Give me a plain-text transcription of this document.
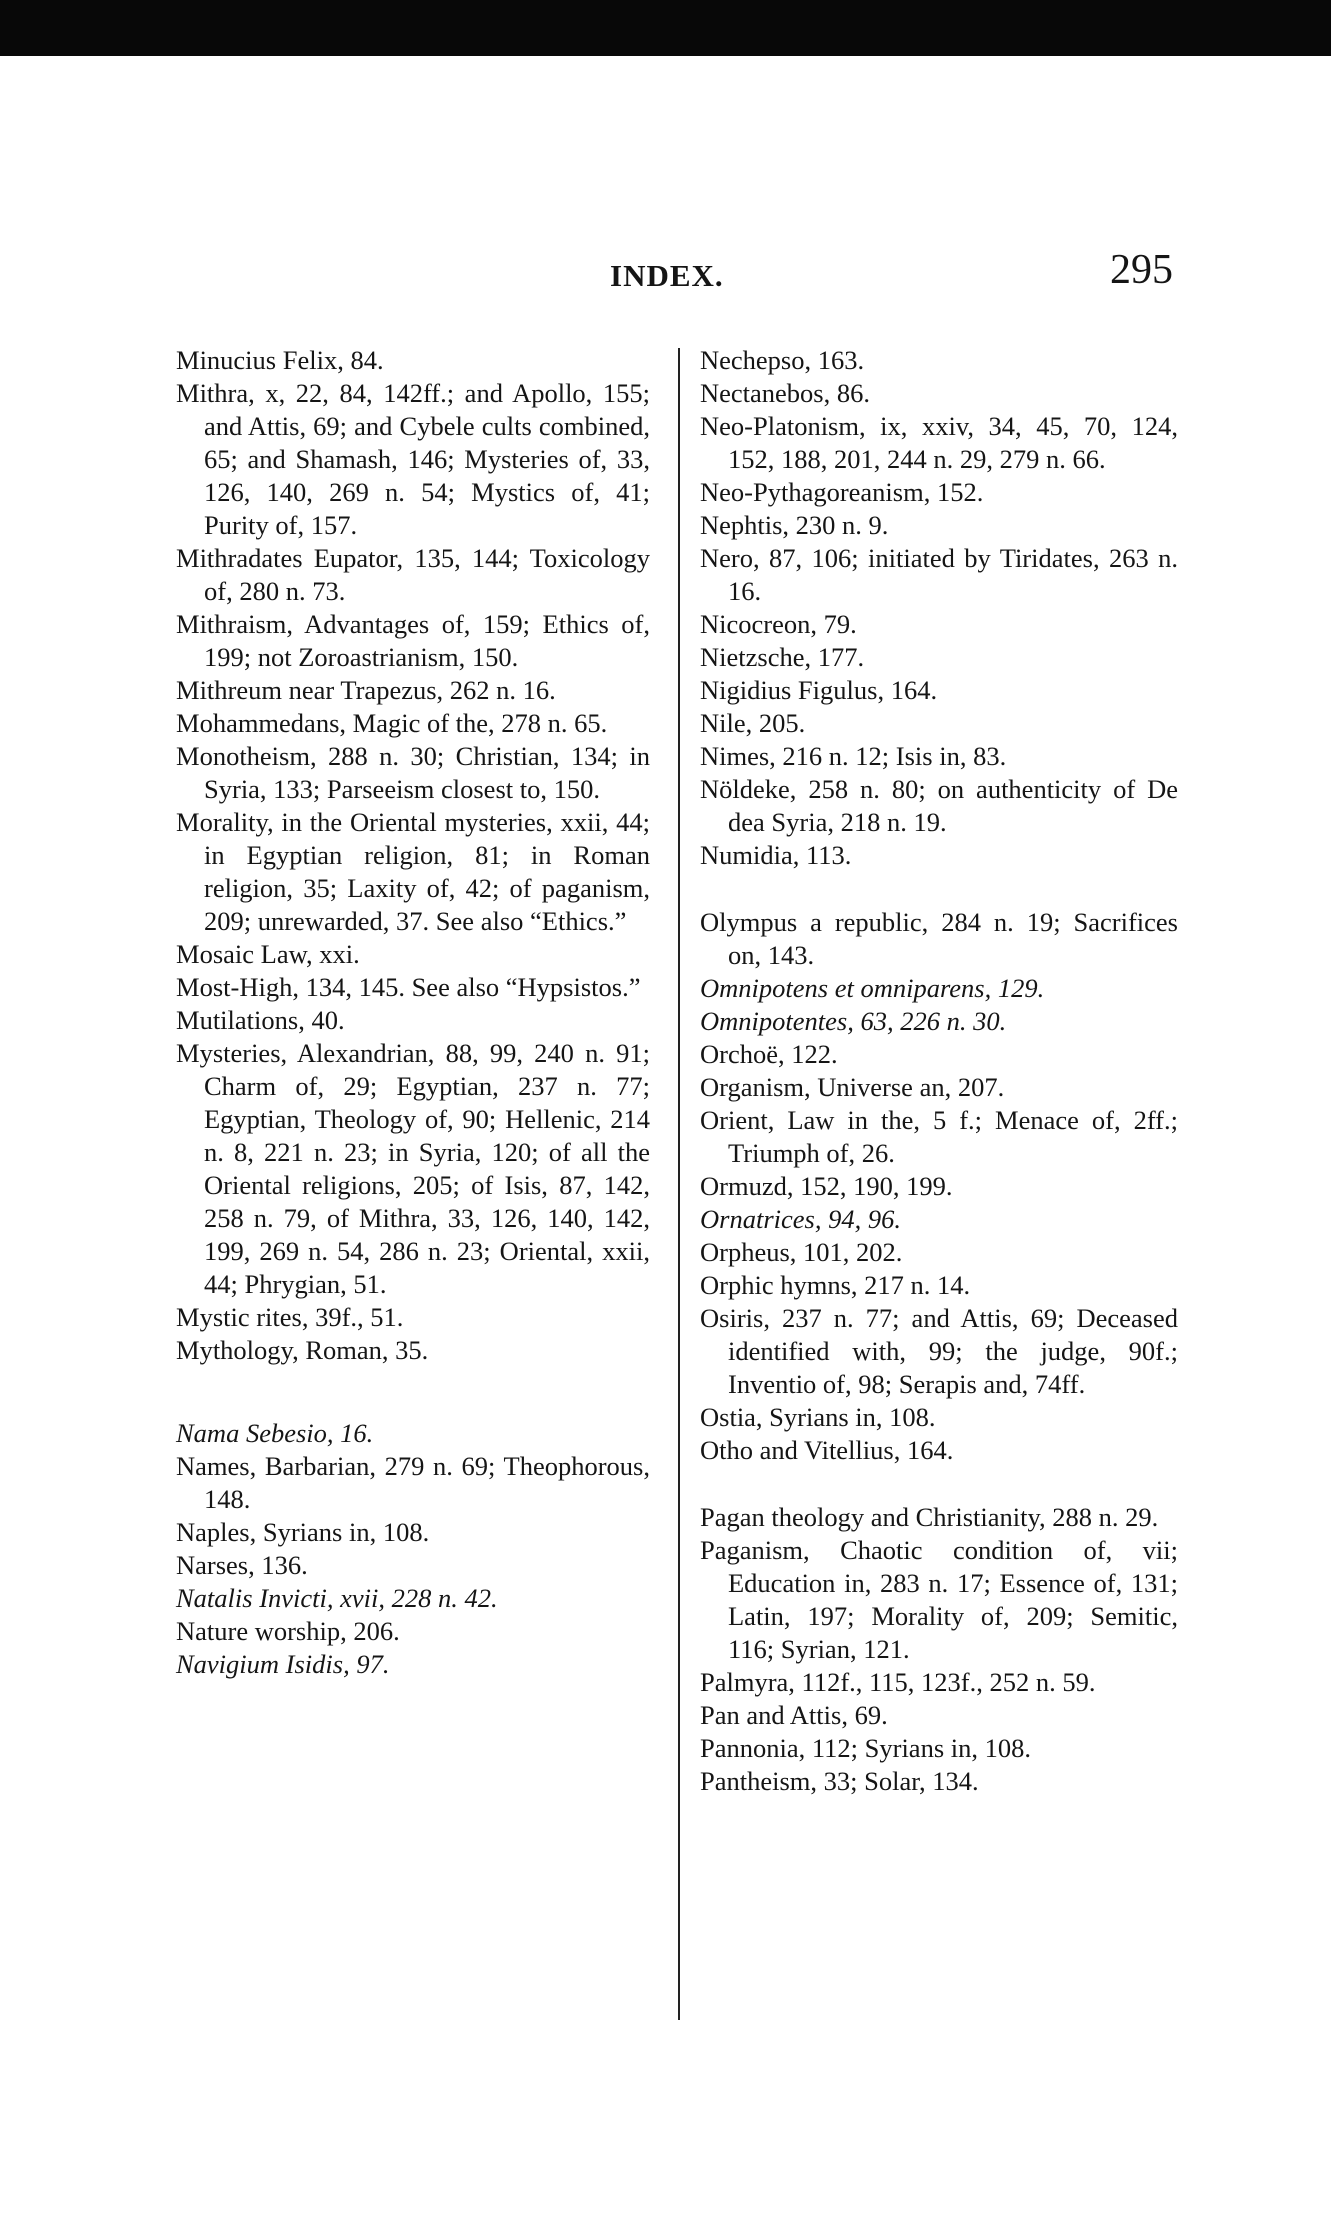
INDEX.	295
Minucius Felix, 84.
Mithra, x, 22, 84, 142ff.; and Apollo, 155; and Attis, 69; and Cybele cults combined, 65; and Shamash, 146; Mysteries of, 33, 126, 140, 269 n. 54; Mystics of, 41; Purity of, 157.
Mithradates Eupator, 135, 144; Toxicology of, 280 n. 73.
Mithraism, Advantages of, 159; Ethics of, 199; not Zoroastrianism, 150.
Mithreum near Trapezus, 262 n. 16.
Mohammedans, Magic of the, 278 n. 65.
Monotheism, 288 n. 30; Christian, 134; in Syria, 133; Parseeism closest to, 150.
Morality, in the Oriental mysteries, xxii, 44; in Egyptian religion, 81; in Roman religion, 35; Laxity of, 42; of paganism, 209; unrewarded, 37. See also “Ethics.”
Mosaic Law, xxi.
Most-High, 134, 145. See also “Hypsistos.”
Mutilations, 40.
Mysteries, Alexandrian, 88, 99, 240 n. 91; Charm of, 29; Egyptian, 237 n. 77; Egyptian, Theology of, 90; Hellenic, 214 n. 8, 221 n. 23; in Syria, 120; of all the Oriental religions, 205; of Isis, 87, 142, 258 n. 79, of Mithra, 33, 126, 140, 142, 199, 269 n. 54, 286 n. 23; Oriental, xxii, 44; Phrygian, 51.
Mystic rites, 39f., 51.
Mythology, Roman, 35.
Nama Sebesio, 16.
Names, Barbarian, 279 n. 69; Theophorous, 148.
Naples, Syrians in, 108.
Narses, 136.
Natalis Invicti, xvii, 228 n. 42.
Nature worship, 206.
Navigium Isidis, 97.
Nechepso, 163.
Nectanebos, 86.
Neo-Platonism, ix, xxiv, 34, 45, 70, 124, 152, 188, 201, 244 n. 29, 279 n. 66.
Neo-Pythagoreanism, 152.
Nephtis, 230 n. 9.
Nero, 87, 106; initiated by Tiridates, 263 n. 16.
Nicocreon, 79.
Nietzsche, 177.
Nigidius Figulus, 164.
Nile, 205.
Nimes, 216 n. 12; Isis in, 83.
Nöldeke, 258 n. 80; on authenticity of De dea Syria, 218 n. 19.
Numidia, 113.
Olympus a republic, 284 n. 19; Sacrifices on, 143.
Omnipotens et omniparens, 129.
Omnipotentes, 63, 226 n. 30.
Orchoë, 122.
Organism, Universe an, 207.
Orient, Law in the, 5 f.; Menace of, 2ff.; Triumph of, 26.
Ormuzd, 152, 190, 199.
Ornatrices, 94, 96.
Orpheus, 101, 202.
Orphic hymns, 217 n. 14.
Osiris, 237 n. 77; and Attis, 69; Deceased identified with, 99; the judge, 90f.; Inventio of, 98; Serapis and, 74ff.
Ostia, Syrians in, 108.
Otho and Vitellius, 164.
Pagan theology and Christianity, 288 n. 29.
Paganism, Chaotic condition of, vii; Education in, 283 n. 17; Essence of, 131; Latin, 197; Morality of, 209; Semitic, 116; Syrian, 121.
Palmyra, 112f., 115, 123f., 252 n. 59.
Pan and Attis, 69.
Pannonia, 112; Syrians in, 108.
Pantheism, 33; Solar, 134.
